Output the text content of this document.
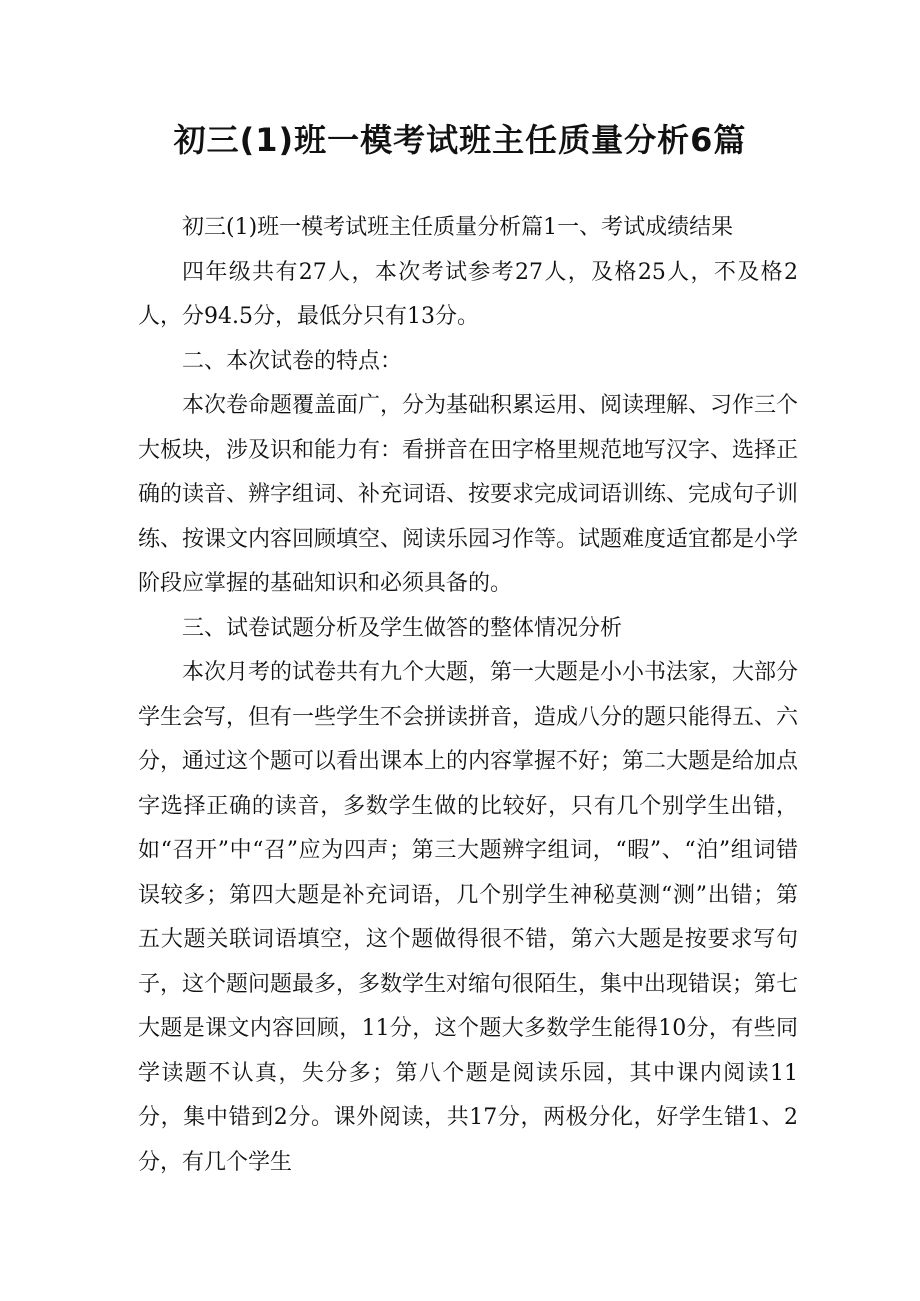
初三(1)班一模考试班主任质量分析6篇

初三(1)班一模考试班主任质量分析篇1一、考试成绩结果

四年级共有27人，本次考试参考27人，及格25人，不及格2人，分94.5分，最低分只有13分。

二、本次试卷的特点：

本次卷命题覆盖面广，分为基础积累运用、阅读理解、习作三个大板块，涉及识和能力有：看拼音在田字格里规范地写汉字、选择正确的读音、辨字组词、补充词语、按要求完成词语训练、完成句子训练、按课文内容回顾填空、阅读乐园习作等。试题难度适宜都是小学阶段应掌握的基础知识和必须具备的。

三、试卷试题分析及学生做答的整体情况分析

本次月考的试卷共有九个大题，第一大题是小小书法家，大部分学生会写，但有一些学生不会拼读拼音，造成八分的题只能得五、六分，通过这个题可以看出课本上的内容掌握不好；第二大题是给加点字选择正确的读音，多数学生做的比较好，只有几个别学生出错，如“召开”中“召”应为四声；第三大题辨字组词，“暇”、“泊”组词错误较多；第四大题是补充词语，几个别学生神秘莫测“测”出错；第五大题关联词语填空，这个题做得很不错，第六大题是按要求写句子，这个题问题最多，多数学生对缩句很陌生，集中出现错误；第七大题是课文内容回顾，11分，这个题大多数学生能得10分，有些同学读题不认真，失分多；第八个题是阅读乐园，其中课内阅读11分，集中错到2分。课外阅读，共17分，两极分化，好学生错1、2分，有几个学生
